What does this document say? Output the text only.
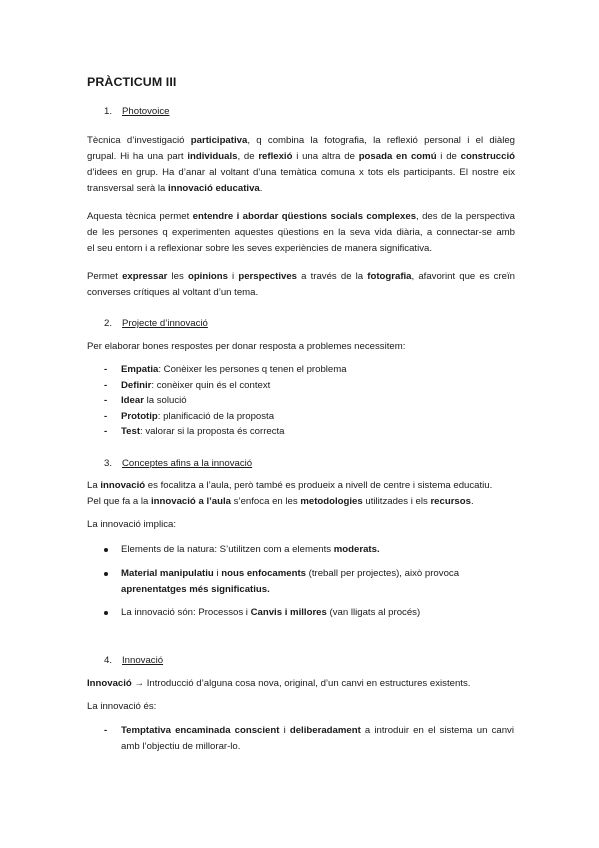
PRÀCTICUM III

1. Photovoice

Tècnica d’investigació participativa, q combina la fotografia, la reflexió personal i el diàleg
grupal. Hi ha una part individuals, de reflexió i una altra de posada en comú i de construcció
d’idees en grup. Ha d’anar al voltant d’una temàtica comuna x tots els participants. El nostre eix
transversal serà la innovació educativa.
Aquesta tècnica permet entendre i abordar qüestions socials complexes, des de la perspectiva
de les persones q experimenten aquestes qüestions en la seva vida diària, a connectar-se amb
el seu entorn i a reflexionar sobre les seves experiències de manera significativa.
Permet expressar les opinions i perspectives a través de la fotografia, afavorint que es creïn
converses crítiques al voltant d’un tema.

2. Projecte d’innovació

Per elaborar bones respostes per donar resposta a problemes necessitem:

- Empatia: Conèixer les persones q tenen el problema

- Definir: conèixer quin és el context

- Idear la solució

- Prototip: planificació de la proposta

- Test: valorar si la proposta és correcta

3. Conceptes afins a la innovació

La innovació es focalitza a l’aula, però també es produeix a nivell de centre i sistema educatiu.
Pel que fa a la innovació a l’aula s’enfoca en les metodologies utilitzades i els recursos.

La innovació implica:

Elements de la natura: S’utilitzen com a elements moderats.
Material manipulatiu i nous enfocaments (treball per projectes), això provoca
aprenentatges més significatius.
La innovació són: Processos i Canvis i millores (van lligats al procés)

4. Innovació

Innovació → Introducció d’alguna cosa nova, original, d’un canvi en estructures existents.

La innovació és:

- Temptativa encaminada conscient i deliberadament a introduir en el sistema un canvi
amb l’objectiu de millorar-lo.
